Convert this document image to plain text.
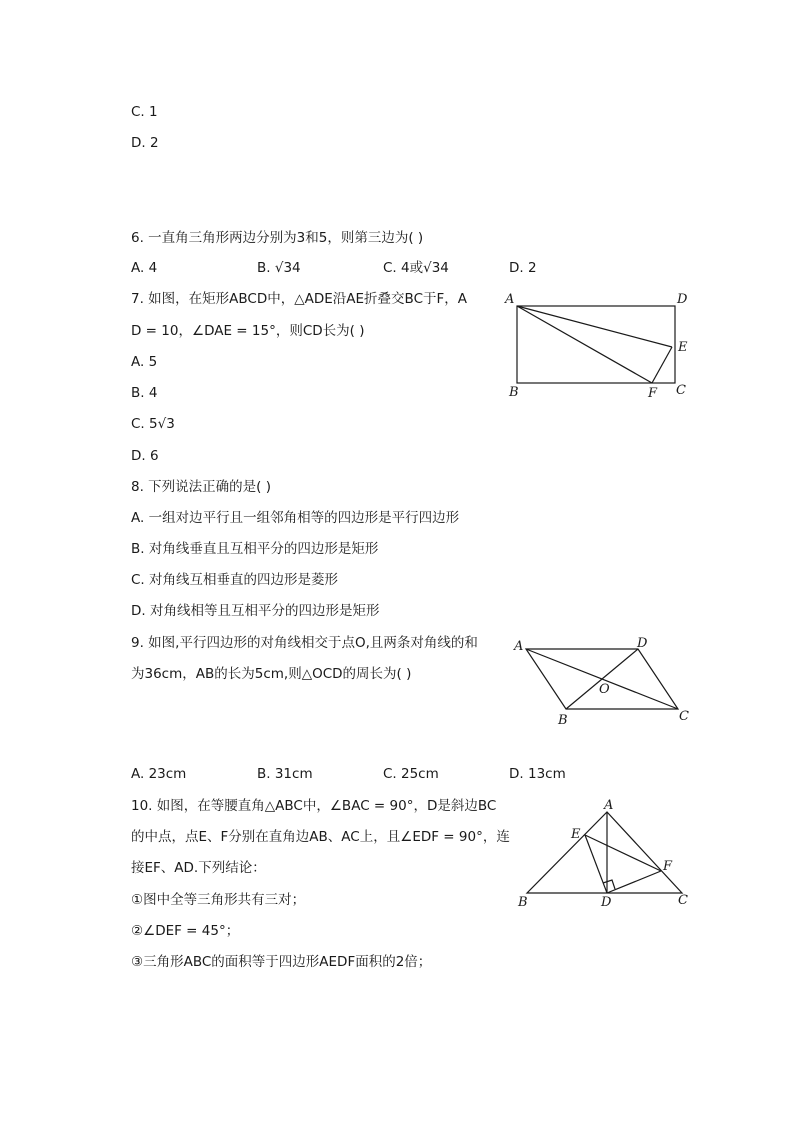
C. 1
D. 2
6. 一直角三角形两边分别为3和5，则第三边为( )
A. 4	B. √34	C. 4或√34	D. 2
7. 如图，在矩形ABCD中，△ADE沿AE折叠交BC于F，A
D = 10，∠DAE = 15°，则CD长为( )
A. 5
B. 4
C. 5√3
D. 6
A	D
E
B	F C
8. 下列说法正确的是( )
A. 一组对边平行且一组邻角相等的四边形是平行四边形
B. 对角线垂直且互相平分的四边形是矩形
C. 对角线互相垂直的四边形是菱形
D. 对角线相等且互相平分的四边形是矩形
9. 如图,平行四边形的对角线相交于点O,且两条对角线的和
为36cm，AB的长为5cm,则△OCD的周长为( )
A	D
O
B	C
A. 23cm	B. 31cm	C. 25cm	D. 13cm
10. 如图，在等腰直角△ABC中，∠BAC = 90°，D是斜边BC
的中点，点E、F分别在直角边AB、AC上，且∠EDF = 90°，连
接EF、AD.下列结论：
①图中全等三角形共有三对；
②∠DEF = 45°；
③三角形ABC的面积等于四边形AEDF面积的2倍；
A
E
F
B	D	C
